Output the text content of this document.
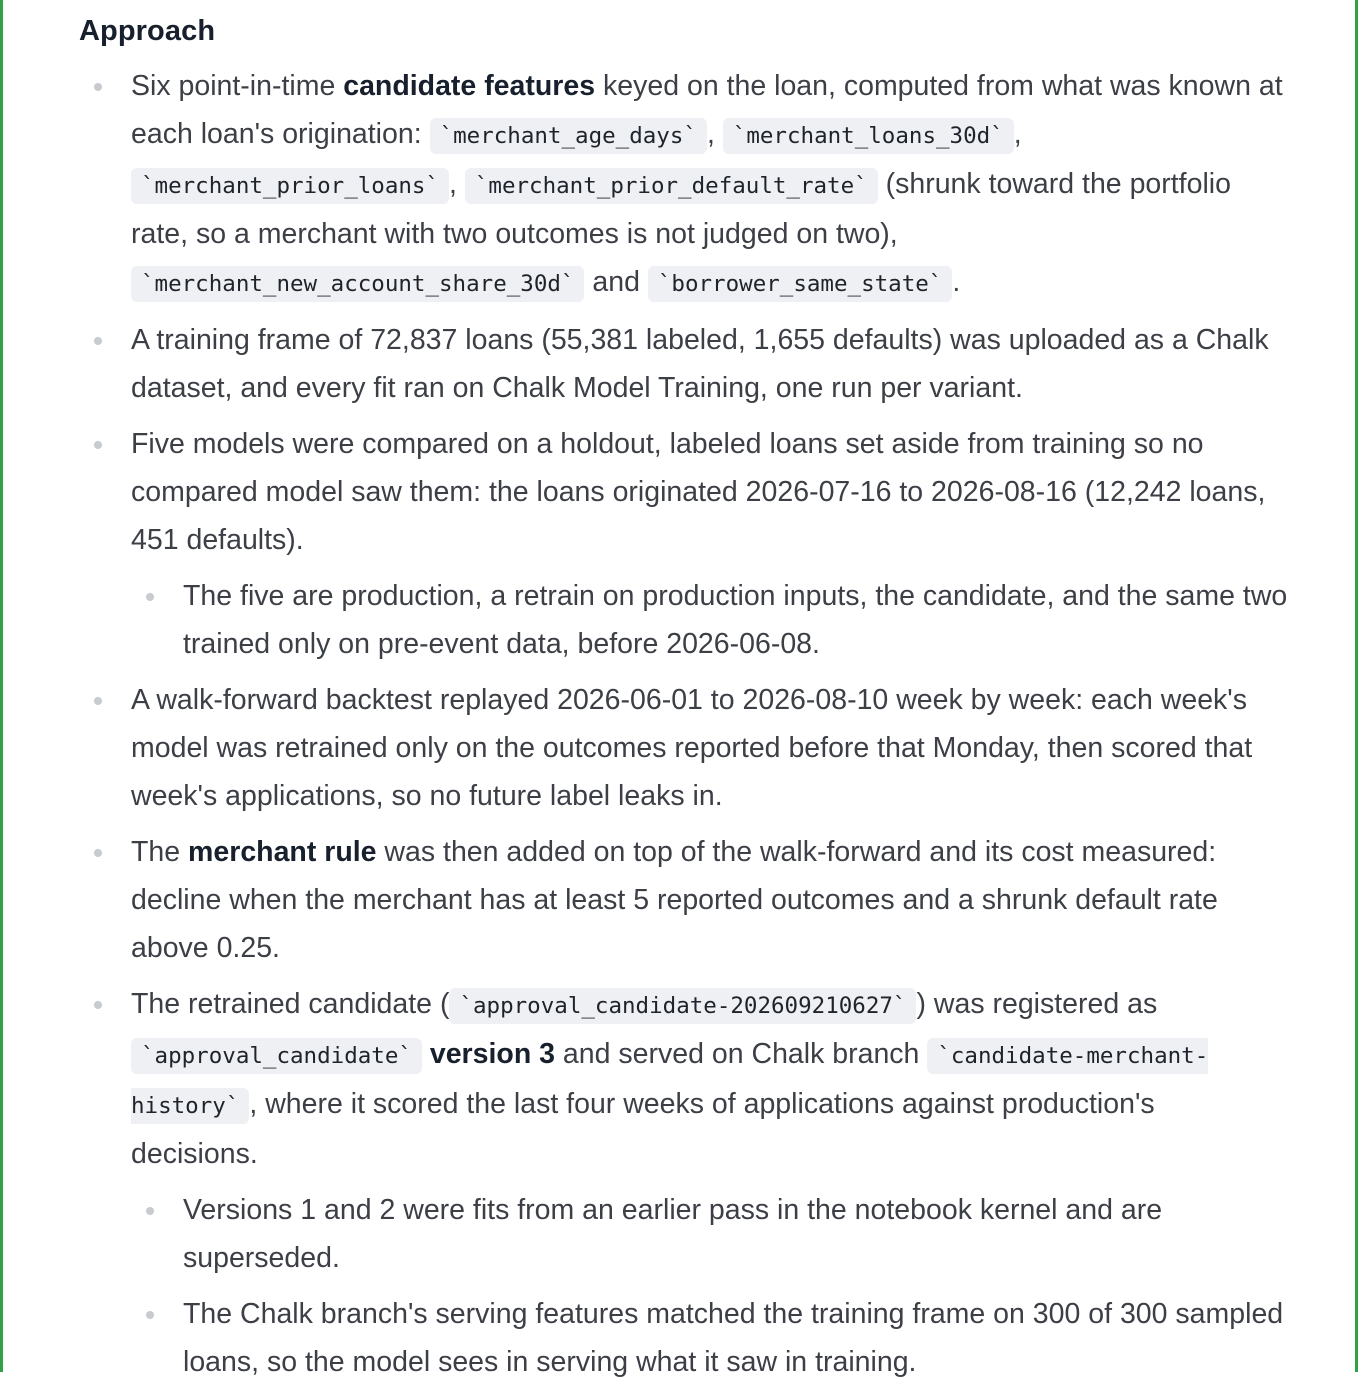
Approach
Six point-in-time candidate features keyed on the loan, computed from what was known at each loan's origination: `merchant_age_days` , `merchant_loans_30d` , `merchant_prior_loans` , `merchant_prior_default_rate` (shrunk toward the portfolio rate, so a merchant with two outcomes is not judged on two), `merchant_new_account_share_30d` and `borrower_same_state` .
A training frame of 72,837 loans (55,381 labeled, 1,655 defaults) was uploaded as a Chalk dataset, and every fit ran on Chalk Model Training, one run per variant.
Five models were compared on a holdout, labeled loans set aside from training so no compared model saw them: the loans originated 2026-07-16 to 2026-08-16 (12,242 loans, 451 defaults).
The five are production, a retrain on production inputs, the candidate, and the same two trained only on pre-event data, before 2026-06-08.
A walk-forward backtest replayed 2026-06-01 to 2026-08-10 week by week: each week's model was retrained only on the outcomes reported before that Monday, then scored that week's applications, so no future label leaks in.
The merchant rule was then added on top of the walk-forward and its cost measured: decline when the merchant has at least 5 reported outcomes and a shrunk default rate above 0.25.
The retrained candidate ( `approval_candidate-202609210627` ) was registered as `approval_candidate` version 3 and served on Chalk branch `candidate-merchant-history` , where it scored the last four weeks of applications against production's decisions.
Versions 1 and 2 were fits from an earlier pass in the notebook kernel and are superseded.
The Chalk branch's serving features matched the training frame on 300 of 300 sampled loans, so the model sees in serving what it saw in training.
